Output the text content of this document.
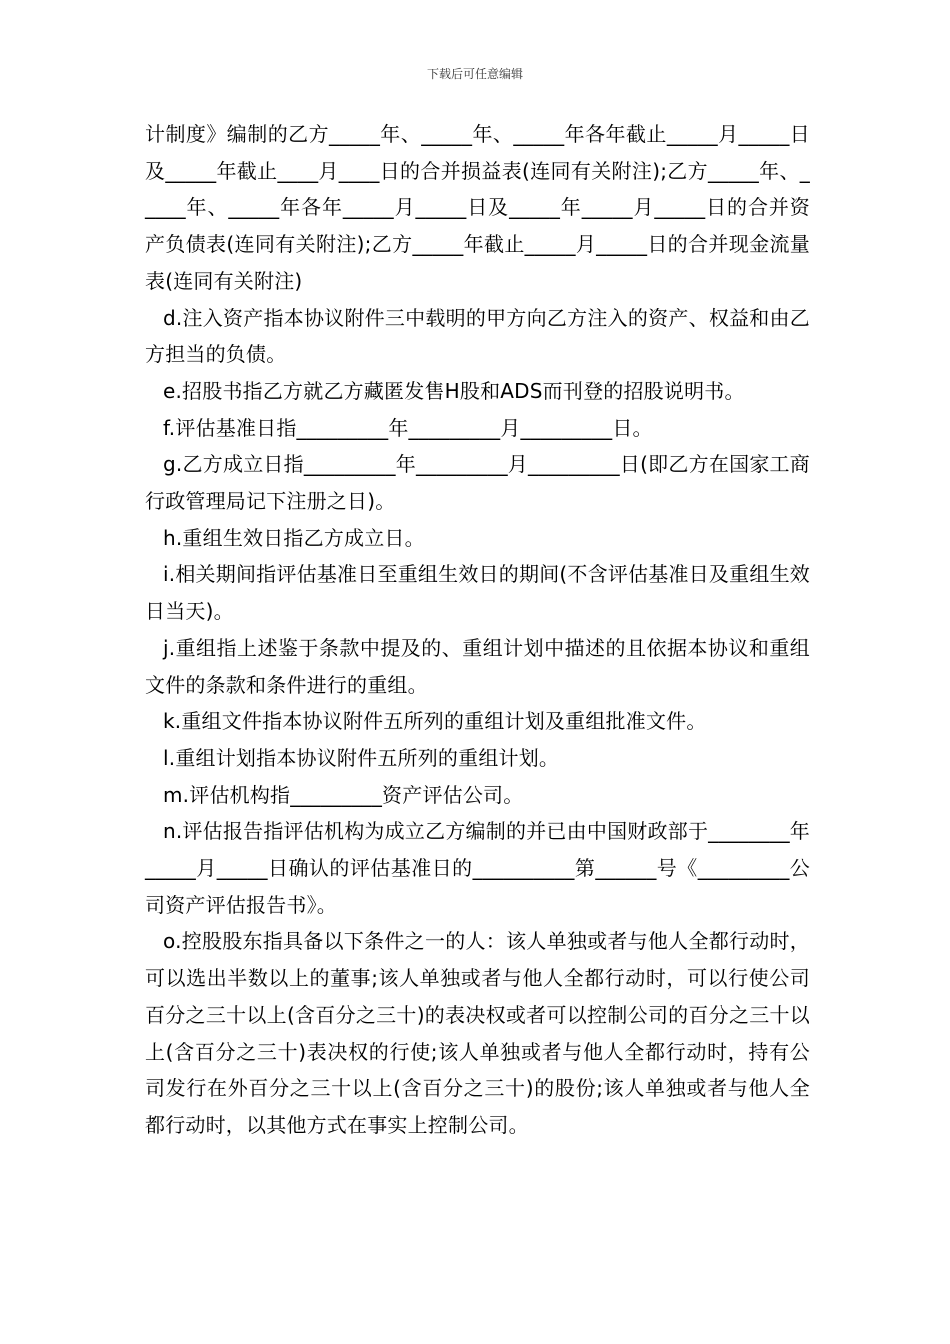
下载后可任意编辑

计制度》编制的乙方_____年、_____年、_____年各年截止_____月_____日及_____年截止____月____日的合并损益表(连同有关附注);乙方_____年、_____年、_____年各年_____月_____日及_____年_____月_____日的合并资产负债表(连同有关附注);乙方_____年截止_____月_____日的合并现金流量表(连同有关附注)

d.注入资产指本协议附件三中载明的甲方向乙方注入的资产、权益和由乙方担当的负债。

e.招股书指乙方就乙方藏匿发售H股和ADS而刊登的招股说明书。

f.评估基准日指_________年_________月_________日。

g.乙方成立日指_________年_________月_________日(即乙方在国家工商行政管理局记下注册之日)。

h.重组生效日指乙方成立日。

i.相关期间指评估基准日至重组生效日的期间(不含评估基准日及重组生效日当天)。

j.重组指上述鉴于条款中提及的、重组计划中描述的且依据本协议和重组文件的条款和条件进行的重组。

k.重组文件指本协议附件五所列的重组计划及重组批准文件。

l.重组计划指本协议附件五所列的重组计划。

m.评估机构指_________资产评估公司。

n.评估报告指评估机构为成立乙方编制的并已由中国财政部于________年_____月_____日确认的评估基准日的__________第______号《_________公司资产评估报告书》。

o.控股股东指具备以下条件之一的人：该人单独或者与他人全都行动时，可以选出半数以上的董事;该人单独或者与他人全都行动时，可以行使公司百分之三十以上(含百分之三十)的表决权或者可以控制公司的百分之三十以上(含百分之三十)表决权的行使;该人单独或者与他人全都行动时，持有公司发行在外百分之三十以上(含百分之三十)的股份;该人单独或者与他人全都行动时，以其他方式在事实上控制公司。
